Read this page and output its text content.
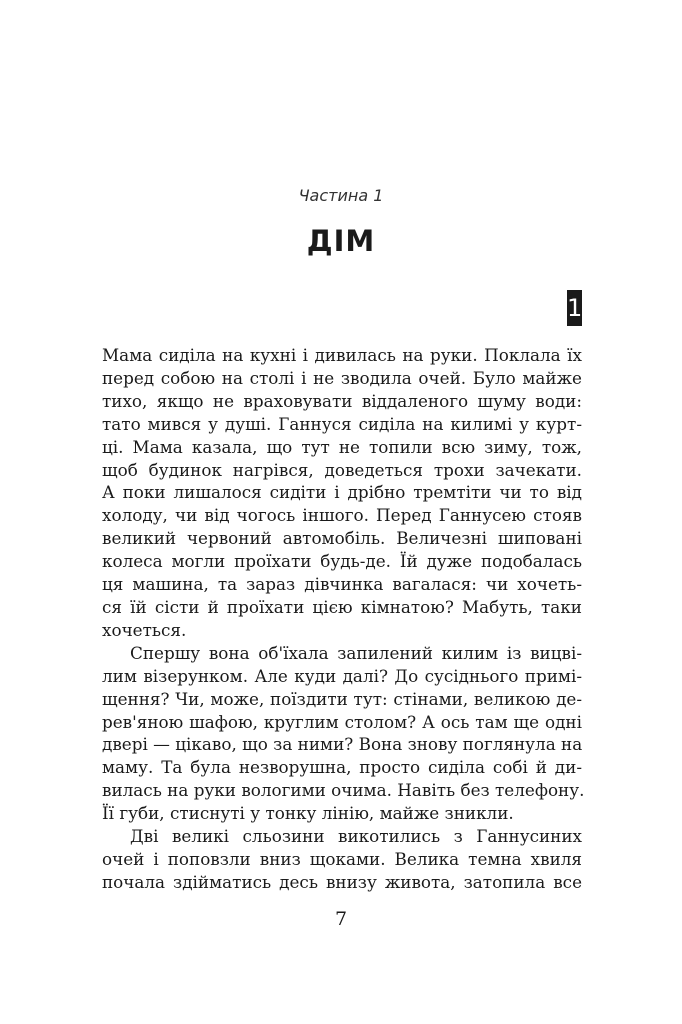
Частина 1
ДІМ
1
Мама сиділа на кухні і дивилась на руки. Поклала їх
перед собою на столі і не зводила очей. Було майже
тихо, якщо не враховувати віддаленого шуму води:
тато мився у душі. Ганнуся сиділа на килимі у курт-
ці. Мама казала, що тут не топили всю зиму, тож,
щоб будинок нагрівся, доведеться трохи зачекати.
А поки лишалося сидіти і дрібно тремтіти чи то від
холоду, чи від чогось іншого. Перед Ганнусею стояв
великий червоний автомобіль. Величезні шиповані
колеса могли проїхати будь-де. Їй дуже подобалась
ця машина, та зараз дівчинка вагалася: чи хочеть-
ся їй сісти й проїхати цією кімнатою? Мабуть, таки
хочеться.
Спершу вона об'їхала запилений килим із вицві-
лим візерунком. Але куди далі? До сусіднього примі-
щення? Чи, може, поїздити тут: стінами, великою де-
рев'яною шафою, круглим столом? А ось там ще одні
двері — цікаво, що за ними? Вона знову поглянула на
маму. Та була незворушна, просто сиділа собі й ди-
вилась на руки вологими очима. Навіть без телефону.
Її губи, стиснуті у тонку лінію, майже зникли.
Дві великі сльозини викотились з Ганнусиних
очей і поповзли вниз щоками. Велика темна хвиля
почала здійматись десь внизу живота, затопила все
7
